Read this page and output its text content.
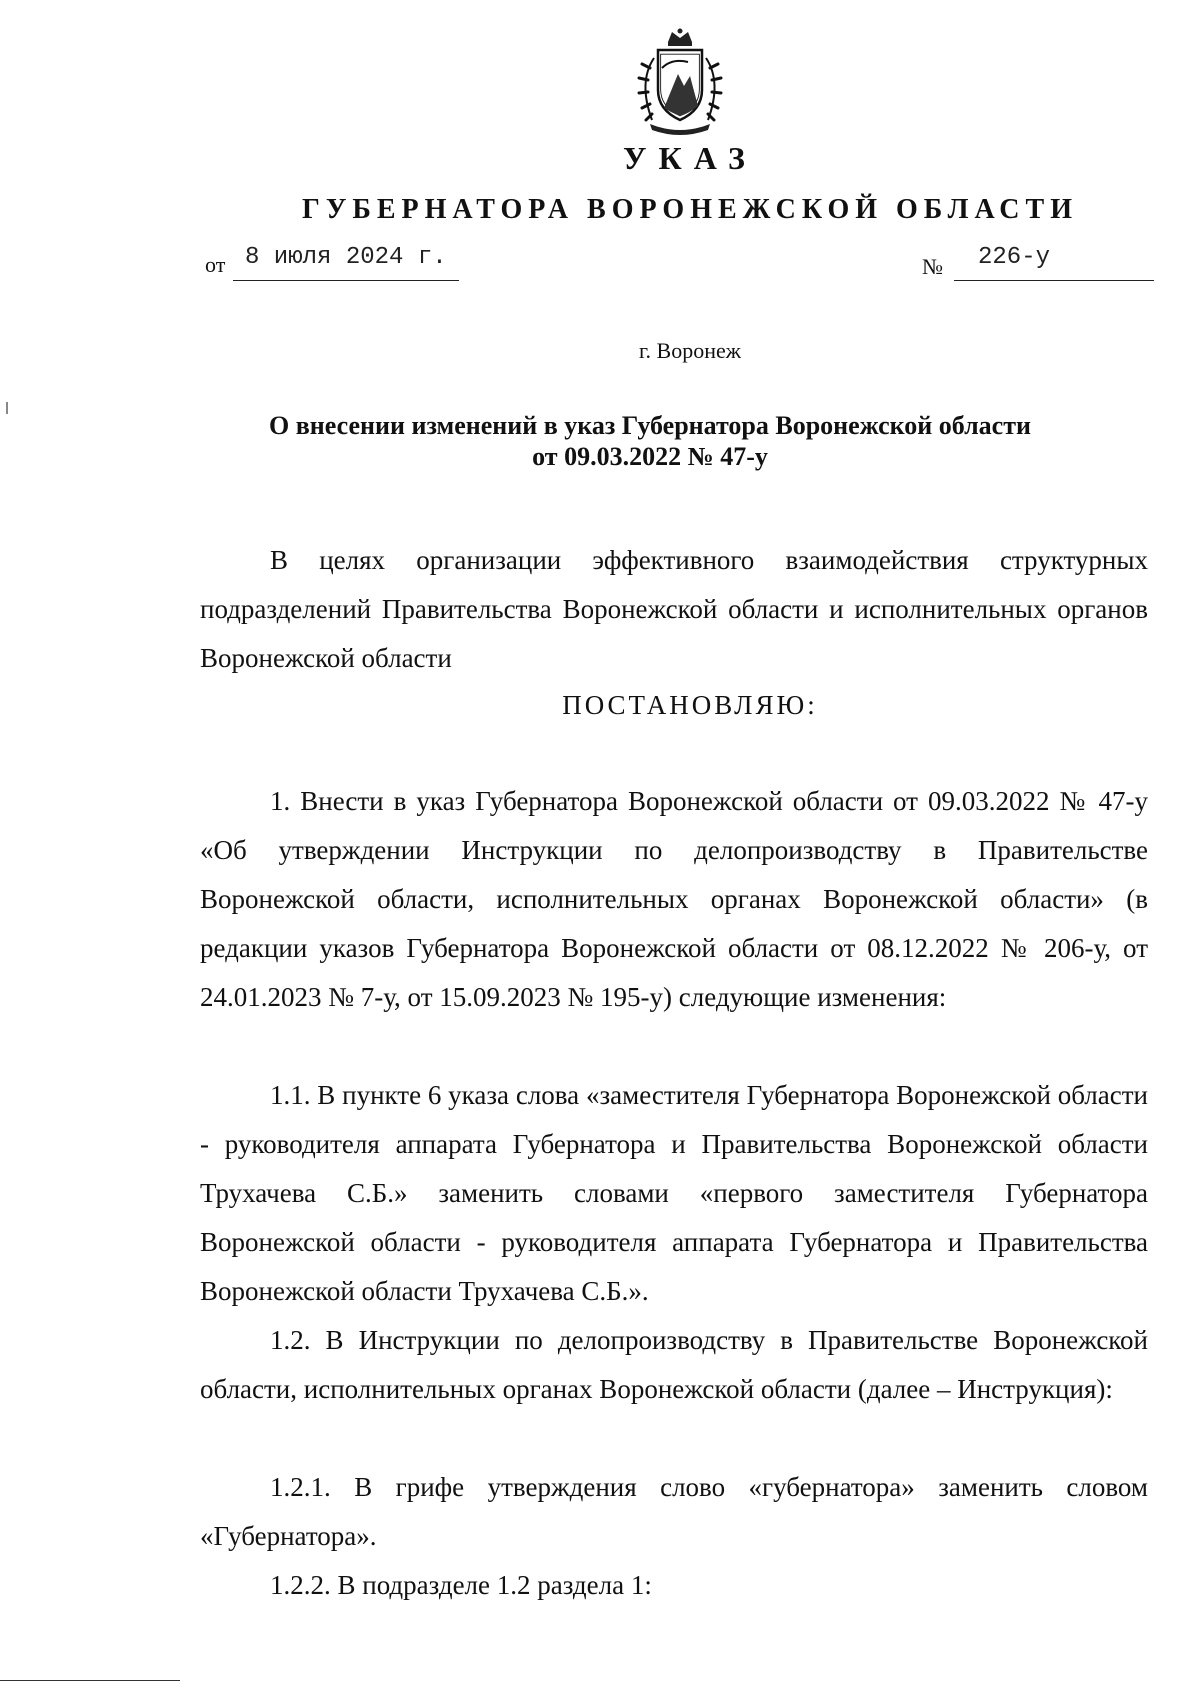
УКАЗ
ГУБЕРНАТОРА ВОРОНЕЖСКОЙ ОБЛАСТИ
от 8 июля 2024 г.	№ 226-у
г. Воронеж
О внесении изменений в указ Губернатора Воронежской области
от 09.03.2022 № 47-у

В целях организации эффективного взаимодействия структурных подразделений Правительства Воронежской области и исполнительных органов Воронежской области

ПОСТАНОВЛЯЮ:

1. Внести в указ Губернатора Воронежской области от 09.03.2022 № 47-у «Об утверждении Инструкции по делопроизводству в Правительстве Воронежской области, исполнительных органах Воронежской области» (в редакции указов Губернатора Воронежской области от 08.12.2022 № 206-у, от 24.01.2023 № 7-у, от 15.09.2023 № 195-у) следующие изменения:

1.1. В пункте 6 указа слова «заместителя Губернатора Воронежской области - руководителя аппарата Губернатора и Правительства Воронежской области Трухачева С.Б.» заменить словами «первого заместителя Губернатора Воронежской области - руководителя аппарата Губернатора и Правительства Воронежской области Трухачева С.Б.».

1.2. В Инструкции по делопроизводству в Правительстве Воронежской области, исполнительных органах Воронежской области (далее – Инструкция):

1.2.1. В грифе утверждения слово «губернатора» заменить словом «Губернатора».

1.2.2. В подразделе 1.2 раздела 1:
